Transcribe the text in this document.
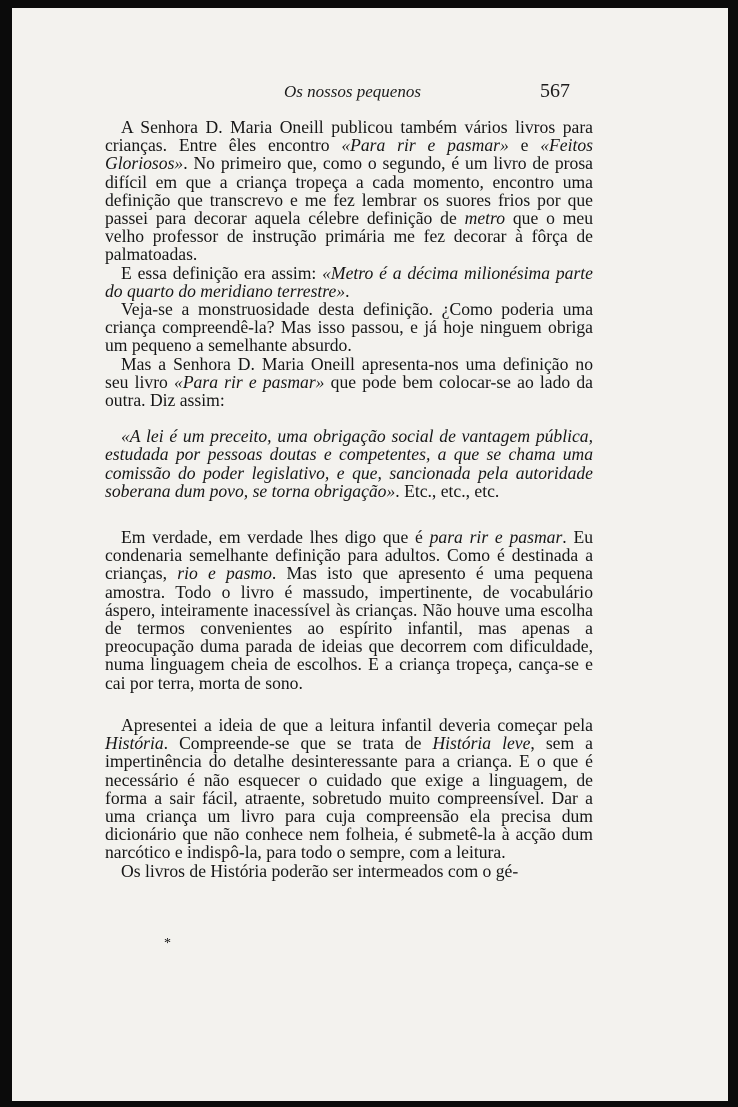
Os nossos pequenos	567

A Senhora D. Maria Oneill publicou também vários livros para crianças. Entre êles encontro «Para rir e pasmar» e «Feitos Gloriosos». No primeiro que, como o segundo, é um livro de prosa difícil em que a criança tropeça a cada momento, encontro uma definição que transcrevo e me fez lembrar os suores frios por que passei para decorar aquela célebre definição de metro que o meu velho professor de instrução primária me fez decorar à fôrça de palmatoadas.

E essa definição era assim: «Metro é a décima milionésima parte do quarto do meridiano terrestre».

Veja-se a monstruosidade desta definição. ¿Como poderia uma criança compreendê-la? Mas isso passou, e já hoje ninguem obriga um pequeno a semelhante absurdo.

Mas a Senhora D. Maria Oneill apresenta-nos uma definição no seu livro «Para rir e pasmar» que pode bem colocar-se ao lado da outra. Diz assim:

«A lei é um preceito, uma obrigação social de vantagem pública, estudada por pessoas doutas e competentes, a que se chama uma comissão do poder legislativo, e que, sancionada pela autoridade soberana dum povo, se torna obrigação». Etc., etc., etc.

Em verdade, em verdade lhes digo que é para rir e pasmar. Eu condenaria semelhante definição para adultos. Como é destinada a crianças, rio e pasmo. Mas isto que apresento é uma pequena amostra. Todo o livro é massudo, impertinente, de vocabulário áspero, inteiramente inacessível às crianças. Não houve uma escolha de termos convenientes ao espírito infantil, mas apenas a preocupação duma parada de ideias que decorrem com dificuldade, numa linguagem cheia de escolhos. E a criança tropeça, cança-se e cai por terra, morta de sono.

Apresentei a ideia de que a leitura infantil deveria começar pela História. Compreende-se que se trata de História leve, sem a impertinência do detalhe desinteressante para a criança. E o que é necessário é não esquecer o cuidado que exige a linguagem, de forma a sair fácil, atraente, sobretudo muito compreensível. Dar a uma criança um livro para cuja compreensão ela precisa dum dicionário que não conhece nem folheia, é submetê-la à acção dum narcótico e indispô-la, para todo o sempre, com a leitura.

Os livros de História poderão ser intermeados com o gé-

*
